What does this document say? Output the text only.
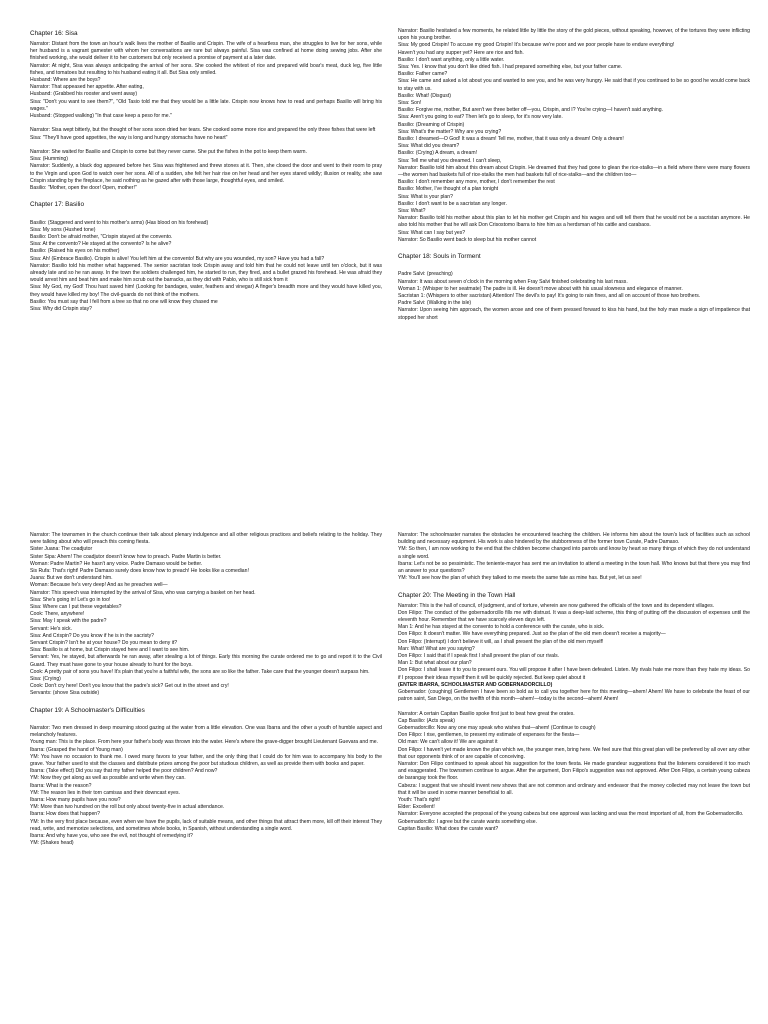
Chapter 16: Sisa

Narrator: Distant from the town an hour's walk lives the mother of Basilio and Crispin. The wife of a heartless man, she struggles to live for her sons, while her husband is a vagrant gamester with whom her conversations are rare but always painful. Sisa was confined at home doing sewing jobs. After she finished working, she would deliver it to her customers but only received a promise of payment at a later date.

Narrator: At night, Sisa was always anticipating the arrival of her sons. She cooked the whitest of rice and prepared wild boar's meat, duck leg, five little fishes, and tomatoes but resulting to his husband eating it all. But Sisa only smiled.

Husband: Where are the boys?

Narrator: That appeased her appetite. After eating,

Husband: (Grabbed his rooster and went away)

Sisa: "Don't you want to see them?", "Old Tasio told me that they would be a little late. Crispin now knows how to read and perhaps Basilio will bring his wages."

Husband: (Stopped walking) "In that case keep a peso for me."

Narrator: Sisa wept bitterly, but the thought of her sons soon dried her tears. She cooked some more rice and prepared the only three fishes that were left

Sisa: "They'll have good appetites, the way is long and hungry stomachs have no heart"

Narrator: She waited for Basilio and Crispin to come but they never came. She put the fishes in the pot to keep them warm.

Sisa: (Humming)

Narrator: Suddenly, a black dog appeared before her. Sisa was frightened and threw stones at it. Then, she closed the door and went to their room to pray to the Virgin and upon God to watch over her sons. All of a sudden, she felt her hair rise on her head and her eyes stared wildly; illusion or reality, she saw Crispin standing by the fireplace, he said nothing as he gazed after with those large, thoughtful eyes, and smiled.

Basilio: "Mother, open the door! Open, mother!"

Chapter 17: Basilio

Basilio: (Staggered and went to his mother's arms) (Has blood on his forehead)

Sisa: My sons (Hushed tone)

Basilio: Don't be afraid mother, "Crispin stayed at the convento.

Sisa: At the convento? He stayed at the convento? Is he alive?

Basilio: (Raised his eyes on his mother)

Sisa: Ah! (Embrace Basilio). Crispin is alive! You left him at the convento! But why are you wounded, my son? Have you had a fall?

Narrator: Basilio told his mother what happened. The senior sacristan took Crispin away and told him that he could not leave until ten o'clock, but it was already late and so he ran away. In the town the soldiers challenged him, he started to run, they fired, and a bullet grazed his forehead. He was afraid they would arrest him and beat him and make him scrub out the barracks, as they did with Pablo, who is still sick from it

Sisa: My God, my God! Thou hast saved him! (Looking for bandages, water, feathers and vinegar) A finger's breadth more and they would have killed you, they would have killed my boy! The civil-guards do not think of the mothers.

Basilio: You must say that I fell from a tree so that no one will know they chased me

Sisa: Why did Crispin stay?

Narrator: Basilio hesitated a few moments, he related little by little the story of the gold pieces, without speaking, however, of the tortures they were inflicting upon his young brother.

Sisa: My good Crispin! To accuse my good Crispin! It's because we're poor and we poor people have to endure everything!

Haven't you had any supper yet? Here are rice and fish.

Basilio: I don't want anything, only a little water.

Sisa: Yes. I know that you don't like dried fish. I had prepared something else, but your father came.

Basilio: Father came?

Sisa: He came and asked a lot about you and wanted to see you, and he was very hungry. He said that if you continued to be so good he would come back to stay with us.

Basilio: What! (Disgust)

Sisa: Son!

Basilio: Forgive me, mother, But aren't we three better off—you, Crispin, and I? You're crying—I haven't said anything.

Sisa: Aren't you going to eat? Then let's go to sleep, for it's now very late.

Basilio: (Dreaming of Crispin)

Sisa: What's the matter? Why are you crying?

Basilio: I dreamed—O God! It was a dream! Tell me, mother, that it was only a dream! Only a dream!

Sisa: What did you dream?

Basilio: (Crying) A dream, a dream!

Sisa: Tell me what you dreamed. I can't sleep,

Narrator: Basilio told him about this dream about Crispin. He dreamed that they had gone to glean the rice-stalks—in a field where there were many flowers—the women had baskets full of rice-stalks the men had baskets full of rice-stalks—and the children too—

Basilio: I don't remember any more, mother, I don't remember the rest

Basilio: Mother, I've thought of a plan tonight

Sisa: What is your plan?

Basilio: I don't want to be a sacristan any longer.

Sisa: What?

Narrator: Basilio told his mother about this plan to let his mother get Crispin and his wages and will tell them that he would not be a sacristan anymore. He also told his mother that he will ask Don Crisostomo Ibarra to hire him as a herdsman of his cattle and carabaos.

Sisa: What can I say but yes?

Narrator: So Basilio went back to sleep but his mother cannot

Chapter 18: Souls in Torment

Padre Salvi: (preaching)

Narrator: It was about seven o'clock in the morning when Fray Salvi finished celebrating his last mass.

Woman 1: (Whisper to her seatmate) The padre is ill. He doesn't move about with his usual slowness and elegance of manner.

Sacristan 1: (Whispers to other sacristan) Attention! The devil's to pay! It's going to rain fines, and all on account of those two brothers.

Padre Salvi: (Walking in the isle)

Narrator: Upon seeing him approach, the women arose and one of them pressed forward to kiss his hand, but the holy man made a sign of impatience that stopped her short

Narrator: The townsmen in the church continue their talk about plenary indulgence and all other religious practices and beliefs relating to the holiday. They were talking about who will preach this coming fiesta.

Sister Juana: The coadjutor

Sister Sipa: Ahem! The coadjutor doesn't know how to preach. Padre Martin is better.

Woman: Padre Martin? He hasn't any voice. Padre Damaso would be better.

Sis Rufa: That's right! Padre Damaso surely does know how to preach! He looks like a comedian!

Juana: But we don't understand him.

Woman: Because he's very deep! And as he preaches well—

Narrator: This speech was interrupted by the arrival of Sisa, who was carrying a basket on her head.

Sisa: She's going in! Let's go in too!

Sisa: Where can I put these vegetables?

Cook: There, anywhere!

Sisa: May I speak with the padre?

Servant: He's sick.

Sisa: And Crispin? Do you know if he is in the sacristy?

Servant Crispin? Isn't he at your house? Do you mean to deny it?

Sisa: Basilio is at home, but Crispin stayed here and I want to see him.

Servant: Yes, he stayed, but afterwards he ran away, after stealing a lot of things. Early this morning the curate ordered me to go and report it to the Civil Guard. They must have gone to your house already to hunt for the boys.

Cook: A pretty pair of sons you have! It's plain that you're a faithful wife, the sons are so like the father. Take care that the younger doesn't surpass him.

Sisa: (Crying)

Cook: Don't cry here! Don't you know that the padre's sick? Get out in the street and cry!

Servants: (shove Sisa outside)

Chapter 19: A Schoolmaster's Difficulties

Narrator: Two men dressed in deep mourning stood gazing at the water from a little elevation. One was Ibarra and the other a youth of humble aspect and melancholy features.

Young man: This is the place. From here your father's body was thrown into the water. Here's where the grave-digger brought Lieutenant Guevara and me.

Ibarra: (Grasped the hand of Young man)

YM: You have no occasion to thank me. I owed many favors to your father, and the only thing that I could do for him was to accompany his body to the grave. Your father used to visit the classes and distribute prizes among the poor but studious children, as well as provide them with books and paper.

Ibarra: (Take effect) Did you say that my father helped the poor children? And now?

YM: Now they get along as well as possible and write when they can.

Ibarra: What is the reason?

YM: The reason lies in their torn camisas and their downcast eyes.

Ibarra: How many pupils have you now?

YM: More than two hundred on the roll but only about twenty-five in actual attendance.

Ibarra: How does that happen?

YM: In the very first place because, even when we have the pupils, lack of suitable means, and other things that attract them more, kill off their interest They read, write, and memorize selections, and sometimes whole books, in Spanish, without understanding a single word.

Ibarra: And why have you, who see the evil, not thought of remedying it?

YM: (Shakes head)

Narrator: The schoolmaster narrates the obstacles he encountered teaching the children. He informs him about the town's lack of facilities such as school building and necessary equipment. His work is also hindered by the stubbornness of the former town Curate, Padre Damaso.

YM: So then, I am now working to the end that the children become changed into parrots and know by heart so many things of which they do not understand a single word.

Ibarra: Let's not be so pessimistic. The teniente-mayor has sent me an invitation to attend a meeting in the town hall. Who knows but that there you may find an answer to your questions?

YM: You'll see how the plan of which they talked to me meets the same fate as mine has. But yet, let us see!

Chapter 20: The Meeting in the Town Hall

Narrator: This is the hall of council, of judgment, and of torture, wherein are now gathered the officials of the town and its dependent villages.

Don Filipo: The conduct of the gobernadorcillo fills me with distrust. It was a deep-laid scheme, this thing of putting off the discussion of expenses until the eleventh hour. Remember that we have scarcely eleven days left.

Man 1: And he has stayed at the convento to hold a conference with the curate, who is sick.

Don Filipo: It doesn't matter. We have everything prepared. Just so the plan of the old men doesn't receive a majority—

Don Filipo: (Interrupt) I don't believe it will, as I shall present the plan of the old men myself!

Man: What! What are you saying?

Don Filipo: I said that if I speak first I shall present the plan of our rivals.

Man 1: But what about our plan?

Don Filipo: I shall leave it to you to present ours. You will propose it after I have been defeated. Listen. My rivals hate me more than they hate my ideas. So if I propose their ideas myself then it will be quickly rejected. But keep quiet about it

(ENTER IBARRA, SCHOOLMASTER AND GOBERNADORCILLO)

Gobernador: (coughing) Gentlemen I have been so bold as to call you together here for this meeting—ahem! Ahem! We have to celebrate the feast of our patron saint, San Diego, on the twelfth of this month—ahem!—today is the second—ahem! Ahem!

Narrator: A certain Capitan Basilio spoke first just to beat how great the orates.

Cap Basilio: (Acts speak)

Gobernadorcillo: Now any one may speak who wishes that—ahem! (Continue to cough)

Don Filipo: I rise, gentlemen, to present my estimate of expenses for the fiesta—

Old man: We can't allow it! We are against it

Don Filipo: I haven't yet made known the plan which we, the younger men, bring here. We feel sure that this great plan will be preferred by all over any other that our opponents think of or are capable of conceiving.

Narrator: Don Filipo continued to speak about his suggestion for the town fiesta. He made grandeur suggestions that the listeners considered it too much and exaggerated. The townsmen continue to argue. After the argument, Don Filipo's suggestion was not approved. After Don Filipo, a certain young cabeza de barangay took the floor.

Cabeza: I suggest that we should invent new shows that are not common and ordinary and endeavor that the money collected may not leave the town but that it will be used in some manner beneficial to all.

Youth: That's right!

Elder: Excellent!

Narrator: Everyone accepted the proposal of the young cabeza but one approval was lacking and was the most important of all, from the Gobernadorcillo.

Gobernadorcillo: I agree but the curate wants something else.

Capitan Basilio: What does the curate want?
